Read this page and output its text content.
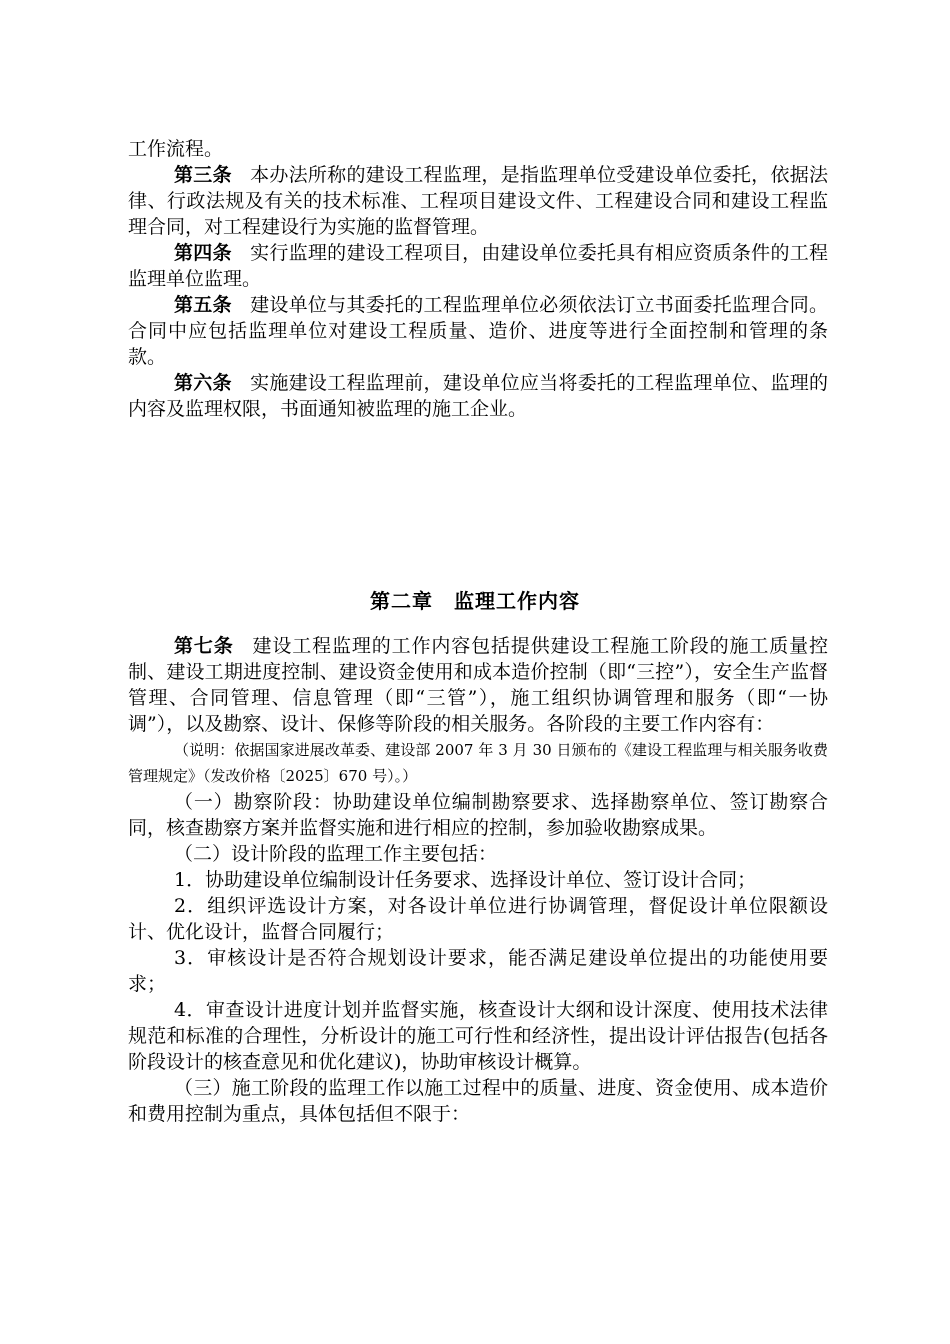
工作流程。
第三条 本办法所称的建设工程监理，是指监理单位受建设单位委托，依据法律、行政法规及有关的技术标准、工程项目建设文件、工程建设合同和建设工程监理合同，对工程建设行为实施的监督管理。
第四条 实行监理的建设工程项目，由建设单位委托具有相应资质条件的工程监理单位监理。
第五条 建设单位与其委托的工程监理单位必须依法订立书面委托监理合同。合同中应包括监理单位对建设工程质量、造价、进度等进行全面控制和管理的条款。
第六条 实施建设工程监理前，建设单位应当将委托的工程监理单位、监理的内容及监理权限，书面通知被监理的施工企业。
第二章　监理工作内容
第七条 建设工程监理的工作内容包括提供建设工程施工阶段的施工质量控制、建设工期进度控制、建设资金使用和成本造价控制（即“三控”），安全生产监督管理、合同管理、信息管理（即“三管”），施工组织协调管理和服务（即“一协调”），以及勘察、设计、保修等阶段的相关服务。各阶段的主要工作内容有：
（说明：依据国家进展改革委、建设部 2007 年 3 月 30 日颁布的《建设工程监理与相关服务收费管理规定》（发改价格〔2025〕670 号）。）
（一）勘察阶段：协助建设单位编制勘察要求、选择勘察单位、签订勘察合同，核查勘察方案并监督实施和进行相应的控制，参加验收勘察成果。
（二）设计阶段的监理工作主要包括：
1．协助建设单位编制设计任务要求、选择设计单位、签订设计合同；
2．组织评选设计方案，对各设计单位进行协调管理，督促设计单位限额设计、优化设计，监督合同履行；
3．审核设计是否符合规划设计要求，能否满足建设单位提出的功能使用要求；
4．审查设计进度计划并监督实施，核查设计大纲和设计深度、使用技术法律规范和标准的合理性，分析设计的施工可行性和经济性，提出设计评估报告(包括各阶段设计的核查意见和优化建议)，协助审核设计概算。
（三）施工阶段的监理工作以施工过程中的质量、进度、资金使用、成本造价和费用控制为重点，具体包括但不限于：
